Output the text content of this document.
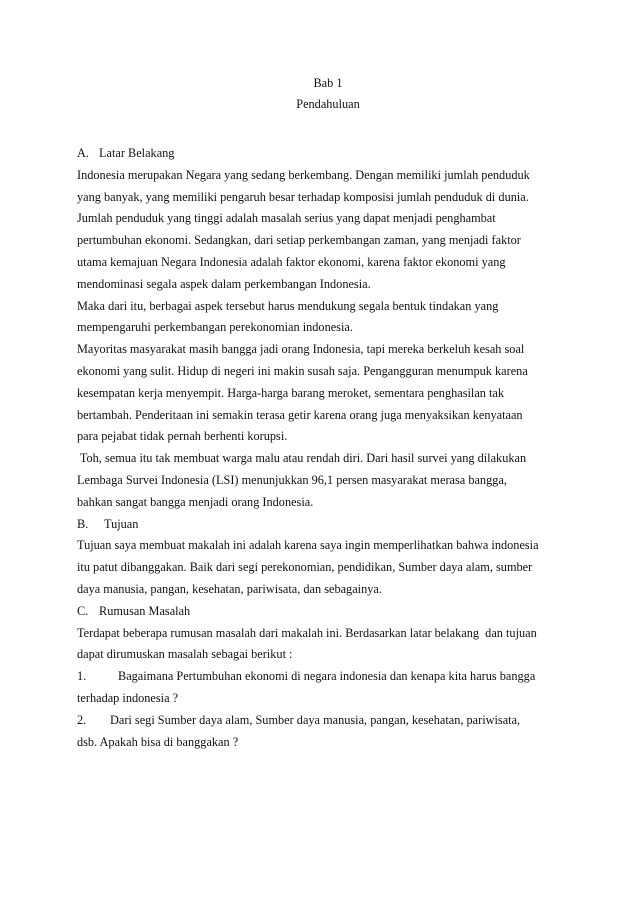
Bab 1
Pendahuluan
A. Latar Belakang
Indonesia merupakan Negara yang sedang berkembang. Dengan memiliki jumlah penduduk
yang banyak, yang memiliki pengaruh besar terhadap komposisi jumlah penduduk di dunia.
Jumlah penduduk yang tinggi adalah masalah serius yang dapat menjadi penghambat
pertumbuhan ekonomi. Sedangkan, dari setiap perkembangan zaman, yang menjadi faktor
utama kemajuan Negara Indonesia adalah faktor ekonomi, karena faktor ekonomi yang
mendominasi segala aspek dalam perkembangan Indonesia.
Maka dari itu, berbagai aspek tersebut harus mendukung segala bentuk tindakan yang
mempengaruhi perkembangan perekonomian indonesia.
Mayoritas masyarakat masih bangga jadi orang Indonesia, tapi mereka berkeluh kesah soal
ekonomi yang sulit. Hidup di negeri ini makin susah saja. Pengangguran menumpuk karena
kesempatan kerja menyempit. Harga-harga barang meroket, sementara penghasilan tak
bertambah. Penderitaan ini semakin terasa getir karena orang juga menyaksikan kenyataan
para pejabat tidak pernah berhenti korupsi.
Toh, semua itu tak membuat warga malu atau rendah diri. Dari hasil survei yang dilakukan
Lembaga Survei Indonesia (LSI) menunjukkan 96,1 persen masyarakat merasa bangga,
bahkan sangat bangga menjadi orang Indonesia.
B. Tujuan
Tujuan saya membuat makalah ini adalah karena saya ingin memperlihatkan bahwa indonesia
itu patut dibanggakan. Baik dari segi perekonomian, pendidikan, Sumber daya alam, sumber
daya manusia, pangan, kesehatan, pariwisata, dan sebagainya.
C. Rumusan Masalah
Terdapat beberapa rumusan masalah dari makalah ini. Berdasarkan latar belakang  dan tujuan
dapat dirumuskan masalah sebagai berikut :
1.	Bagaimana Pertumbuhan ekonomi di negara indonesia dan kenapa kita harus bangga
terhadap indonesia ?
2. Dari segi Sumber daya alam, Sumber daya manusia, pangan, kesehatan, pariwisata,
dsb. Apakah bisa di banggakan ?
